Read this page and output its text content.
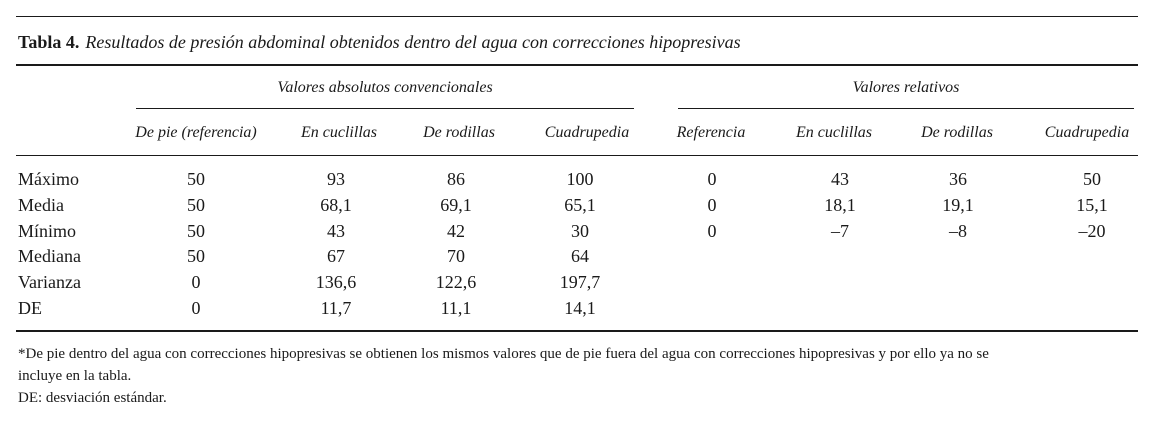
Tabla 4. Resultados de presión abdominal obtenidos dentro del agua con correcciones hipopresivas
Valores absolutos convencionales	Valores relativos
De pie (referencia)	En cuclillas	De rodillas	Cuadrupedia	Referencia	En cuclillas	De rodillas	Cuadrupedia
Máximo	50	93	86	100	0	43	36	50
Media	50	68,1	69,1	65,1	0	18,1	19,1	15,1
Mínimo	50	43	42	30	0	–7	–8	–20
Mediana	50	67	70	64
Varianza	0	136,6	122,6	197,7
DE	0	11,7	11,1	14,1
*De pie dentro del agua con correcciones hipopresivas se obtienen los mismos valores que de pie fuera del agua con correcciones hipopresivas y por ello ya no se
incluye en la tabla.
DE: desviación estándar.
